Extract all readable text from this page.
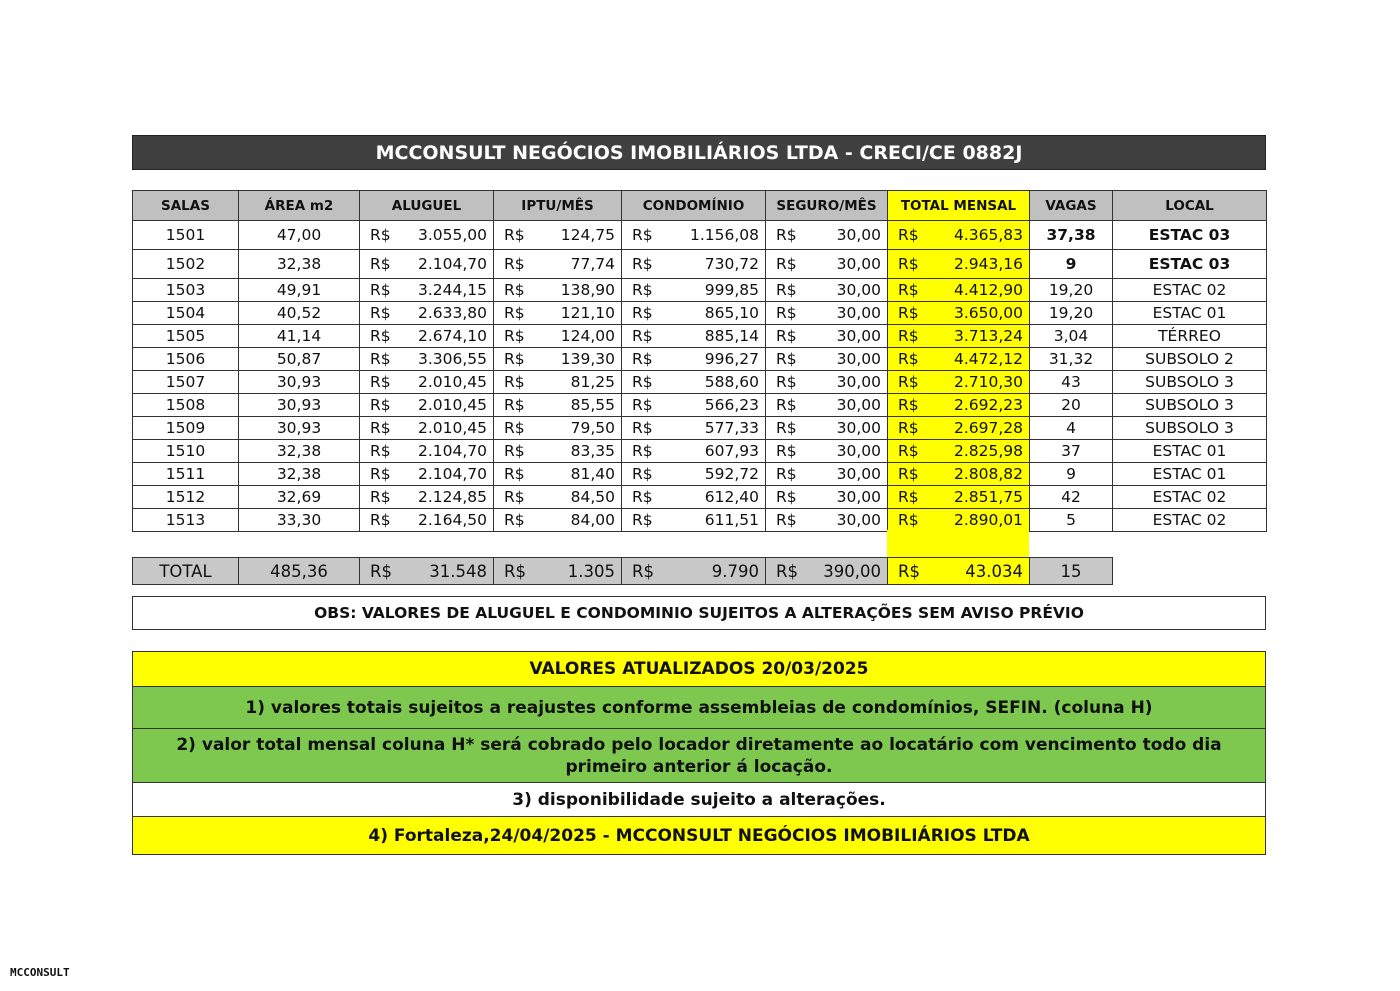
MCCONSULT NEGÓCIOS IMOBILIÁRIOS LTDA - CRECI/CE 0882J
SALAS	ÁREA m2	ALUGUEL	IPTU/MÊS	CONDOMÍNIO	SEGURO/MÊS	TOTAL MENSAL	VAGAS	LOCAL
1501	47,00	R$ 3.055,00	R$ 124,75	R$ 1.156,08	R$ 30,00	R$ 4.365,83	37,38	ESTAC 03
1502	32,38	R$ 2.104,70	R$ 77,74	R$ 730,72	R$ 30,00	R$ 2.943,16	9	ESTAC 03
1503	49,91	R$ 3.244,15	R$ 138,90	R$ 999,85	R$ 30,00	R$ 4.412,90	19,20	ESTAC 02
1504	40,52	R$ 2.633,80	R$ 121,10	R$ 865,10	R$ 30,00	R$ 3.650,00	19,20	ESTAC 01
1505	41,14	R$ 2.674,10	R$ 124,00	R$ 885,14	R$ 30,00	R$ 3.713,24	3,04	TÉRREO
1506	50,87	R$ 3.306,55	R$ 139,30	R$ 996,27	R$ 30,00	R$ 4.472,12	31,32	SUBSOLO 2
1507	30,93	R$ 2.010,45	R$ 81,25	R$ 588,60	R$ 30,00	R$ 2.710,30	43	SUBSOLO 3
1508	30,93	R$ 2.010,45	R$ 85,55	R$ 566,23	R$ 30,00	R$ 2.692,23	20	SUBSOLO 3
1509	30,93	R$ 2.010,45	R$ 79,50	R$ 577,33	R$ 30,00	R$ 2.697,28	4	SUBSOLO 3
1510	32,38	R$ 2.104,70	R$ 83,35	R$ 607,93	R$ 30,00	R$ 2.825,98	37	ESTAC 01
1511	32,38	R$ 2.104,70	R$ 81,40	R$ 592,72	R$ 30,00	R$ 2.808,82	9	ESTAC 01
1512	32,69	R$ 2.124,85	R$ 84,50	R$ 612,40	R$ 30,00	R$ 2.851,75	42	ESTAC 02
1513	33,30	R$ 2.164,50	R$ 84,00	R$ 611,51	R$ 30,00	R$ 2.890,01	5	ESTAC 02
TOTAL	485,36	R$ 31.548	R$	1.305	R$	9.790	R$ 390,00	R$	43.034	15
OBS: VALORES DE ALUGUEL E CONDOMINIO SUJEITOS A ALTERAÇÕES SEM AVISO PRÉVIO
VALORES ATUALIZADOS 20/03/2025
1) valores totais sujeitos a reajustes conforme assembleias de condomínios, SEFIN. (coluna H)
2) valor total mensal coluna H* será cobrado pelo locador diretamente ao locatário com vencimento todo dia primeiro anterior á locação.
3) disponibilidade sujeito a alterações.
4) Fortaleza,24/04/2025 - MCCONSULT NEGÓCIOS IMOBILIÁRIOS LTDA
MCCONSULT
